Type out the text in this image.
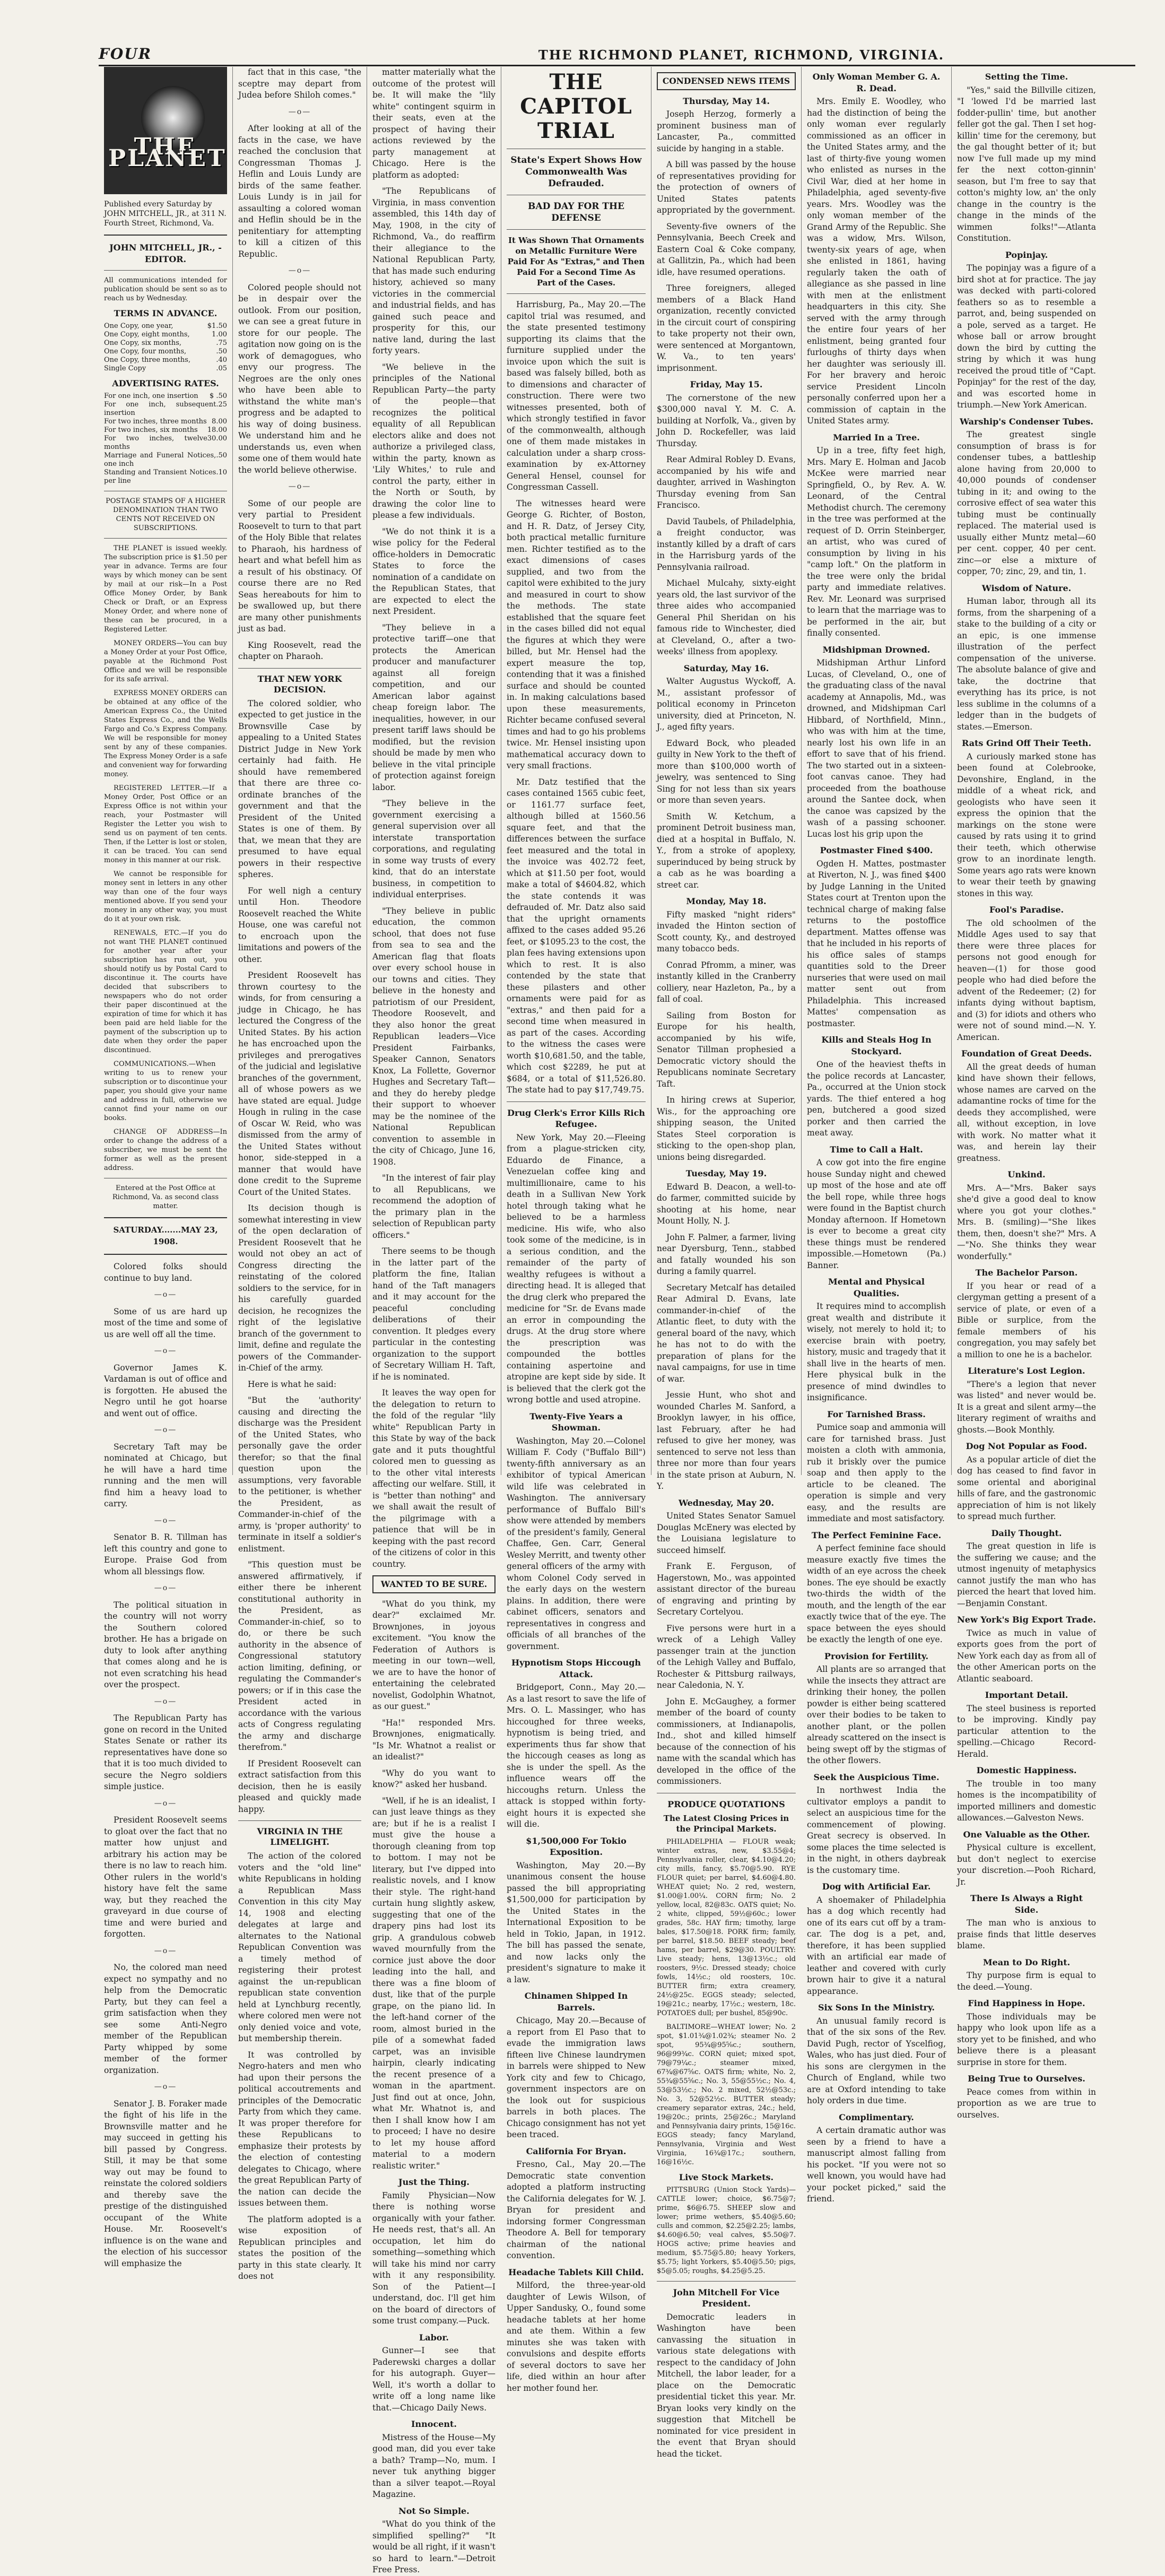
FOUR	THE RICHMOND PLANET, RICHMOND, VIRGINIA.
THE PLANET
Published every Saturday by JOHN MITCHELL, JR., at 311 N. Fourth Street, Richmond, Va.
JOHN MITCHELL, JR., - EDITOR.
All communications intended for publication should be sent so as to reach us by Wednesday.
TERMS IN ADVANCE.
One Copy, one year,	$1.50
One Copy, eight months,	1.00
One Copy, six months,	.75
One Copy, four months,	.50
One Copy, three months,	.40
Single Copy	.05
ADVERTISING RATES.
For one inch, one insertion $ .50
For one inch, subsequent insertion
.25
For two inches, three months 8.00
For two inches, six months 18.00
For two inches, twelve months
30.00
Marriage and Funeral Notices, one inch
.50
Standing and Transient Notices per line
.10
POSTAGE STAMPS OF A HIGHER DENOMINATION THAN TWO CENTS NOT RECEIVED ON SUBSCRIPTIONS.

THE PLANET is issued weekly. The subscription price is $1.50 per year in advance. Terms are four ways by which money can be sent by mail at our risk—In a Post Office Money Order, by Bank Check or Draft, or an Express Money Order, and where none of these can be procured, in a Registered Letter.

MONEY ORDERS—You can buy a Money Order at your Post Office, payable at the Richmond Post Office and we will be responsible for its safe arrival.

EXPRESS MONEY ORDERS can be obtained at any office of the American Express Co., the United States Express Co., and the Wells Fargo and Co.'s Express Company. We will be responsible for money sent by any of these companies. The Express Money Order is a safe and convenient way for forwarding money.

REGISTERED LETTER.—If a Money Order, Post Office or an Express Office is not within your reach, your Postmaster will Register the Letter you wish to send us on payment of ten cents. Then, if the Letter is lost or stolen, it can be traced. You can send money in this manner at our risk.

We cannot be responsible for money sent in letters in any other way than one of the four ways mentioned above. If you send your money in any other way, you must do it at your own risk.

RENEWALS, ETC.—If you do not want THE PLANET continued for another year after your subscription has run out, you should notify us by Postal Card to discontinue it. The courts have decided that subscribers to newspapers who do not order their paper discontinued at the expiration of time for which it has been paid are held liable for the payment of the subscription up to date when they order the paper discontinued.

COMMUNICATIONS.—When writing to us to renew your subscription or to discontinue your paper, you should give your name and address in full, otherwise we cannot find your name on our books.

CHANGE OF ADDRESS—In order to change the address of a subscriber, we must be sent the former as well as the present address.

Entered at the Post Office at Richmond, Va. as second class matter.
SATURDAY.......MAY 23, 1908.

Colored folks should continue to buy land.

—o—

Some of us are hard up most of the time and some of us are well off all the time.

—o—

Governor James K. Vardaman is out of office and is forgotten. He abused the Negro until he got hoarse and went out of office.

—o—

Secretary Taft may be nominated at Chicago, but he will have a hard time running and the men will find him a heavy load to carry.

—o—

Senator B. R. Tillman has left this country and gone to Europe. Praise God from whom all blessings flow.

—o—

The political situation in the country will not worry the Southern colored brother. He has a brigade on duty to look after anything that comes along and he is not even scratching his head over the prospect.

—o—

The Republican Party has gone on record in the United States Senate or rather its representatives have done so that it is too much divided to secure the Negro soldiers simple justice.

—o—

President Roosevelt seems to gloat over the fact that no matter how unjust and arbitrary his action may be there is no law to reach him. Other rulers in the world's history have felt the same way, but they reached the graveyard in due course of time and were buried and forgotten.

—o—

No, the colored man need expect no sympathy and no help from the Democratic Party, but they can feel a grim satisfaction when they see some Anti-Negro member of the Republican Party whipped by some member of the former organization.

—o—

Senator J. B. Foraker made the fight of his life in the Brownsville matter and he may succeed in getting his bill passed by Congress. Still, it may be that some way out may be found to reinstate the colored soldiers and thereby save the prestige of the distinguished occupant of the White House. Mr. Roosevelt's influence is on the wane and the election of his successor will emphasize the

fact that in this case, "the sceptre may depart from Judea before Shiloh comes."

—o—

After looking at all of the facts in the case, we have reached the conclusion that Congressman Thomas J. Heflin and Louis Lundy are birds of the same feather. Louis Lundy is in jail for assaulting a colored woman and Heflin should be in the penitentiary for attempting to kill a citizen of this Republic.

—o—

Colored people should not be in despair over the outlook. From our position, we can see a great future in store for our people. The agitation now going on is the work of demagogues, who envy our progress. The Negroes are the only ones who have been able to withstand the white man's progress and be adapted to his way of doing business. We understand him and he understands us, even when some one of them would hate the world believe otherwise.

—o—

Some of our people are very partial to President Roosevelt to turn to that part of the Holy Bible that relates to Pharaoh, his hardness of heart and what befell him as a result of his obstinacy. Of course there are no Red Seas hereabouts for him to be swallowed up, but there are many other punishments just as bad.

King Roosevelt, read the chapter on Pharaoh.

THAT NEW YORK DECISION.

The colored soldier, who expected to get justice in the Brownsville Case by appealing to a United States District Judge in New York certainly had faith. He should have remembered that there are three co-ordinate branches of the government and that the President of the United States is one of them. By that, we mean that they are presumed to have equal powers in their respective spheres.

For well nigh a century until Hon. Theodore Roosevelt reached the White House, one was careful not to encroach upon the limitations and powers of the other.

President Roosevelt has thrown courtesy to the winds, for from censuring a judge in Chicago, he has lectured the Congress of the United States. By his action he has encroached upon the privileges and prerogatives of the judicial and legislative branches of the government, all of whose powers as we have stated are equal. Judge Hough in ruling in the case of Oscar W. Reid, who was dismissed from the army of the United States without honor, side-stepped in a manner that would have done credit to the Supreme Court of the United States.

Its decision though is somewhat interesting in view of the open declaration of President Roosevelt that he would not obey an act of Congress directing the reinstating of the colored soldiers to the service, for in his carefully guarded decision, he recognizes the right of the legislative branch of the government to limit, define and regulate the powers of the Commander-in-Chief of the army.

Here is what he said:

"But the 'authority' causing and directing the discharge was the President of the United States, who personally gave the order therefor; so that the final question upon the assumptions, very favorable to the petitioner, is whether the President, as Commander-in-chief of the army, is 'proper authority' to terminate in itself a soldier's enlistment.

"This question must be answered affirmatively, if either there be inherent constitutional authority in the President, as Commander-in-chief, so to do, or there be such authority in the absence of Congressional statutory action limiting, defining, or regulating the Commander's powers; or if in this case the President acted in accordance with the various acts of Congress regulating the army and discharge therefrom."

If President Roosevelt can extract satisfaction from this decision, then he is easily pleased and quickly made happy.

VIRGINIA IN THE LIMELIGHT.

The action of the colored voters and the "old line" white Republicans in holding a Republican Mass Convention in this city May 14, 1908 and electing delegates at large and alternates to the National Republican Convention was a timely method of registering their protest against the un-republican republican state convention held at Lynchburg recently, where colored men were not only denied voice and vote, but membership therein.

It was controlled by Negro-haters and men who had upon their persons the political accoutrements and principles of the Democratic Party from which they came. It was proper therefore for these Republicans to emphasize their protests by the election of contesting delegates to Chicago, where the great Republican Party of the nation can decide the issues between them.

The platform adopted is a wise exposition of Republican principles and states the position of the party in this state clearly. It does not

matter materially what the outcome of the protest will be. It will make the "lily white" contingent squirm in their seats, even at the prospect of having their actions reviewed by the party management at Chicago. Here is the platform as adopted:

"The Republicans of Virginia, in mass convention assembled, this 14th day of May, 1908, in the city of Richmond, Va., do reaffirm their allegiance to the National Republican Party, that has made such enduring history, achieved so many victories in the commercial and industrial fields, and has gained such peace and prosperity for this, our native land, during the last forty years.

"We believe in the principles of the National Republican Party—the party of the people—that recognizes the political equality of all Republican electors alike and does not authorize a privileged class, within the party, known as 'Lily Whites,' to rule and control the party, either in the North or South, by drawing the color line to please a few individuals.

"We do not think it is a wise policy for the Federal office-holders in Democratic States to force the nomination of a candidate on the Republican States, that are expected to elect the next President.

"They believe in a protective tariff—one that protects the American producer and manufacturer against all foreign competition, and our American labor against cheap foreign labor. The inequalities, however, in our present tariff laws should be modified, but the revision should be made by men who believe in the vital principle of protection against foreign labor.

"They believe in the government exercising a general supervision over all interstate transportation corporations, and regulating in some way trusts of every kind, that do an interstate business, in competition to individual enterprises.

"They believe in public education, the common school, that does not fuse from sea to sea and the American flag that floats over every school house in our towns and cities. They believe in the honesty and patriotism of our President, Theodore Roosevelt, and they also honor the great Republican leaders—Vice President Fairbanks, Speaker Cannon, Senators Knox, La Follette, Governor Hughes and Secretary Taft—and they do hereby pledge their support to whoever may be the nominee of the National Republican convention to assemble in the city of Chicago, June 16, 1908.

"In the interest of fair play to all Republicans, we recommend the adoption of the primary plan in the selection of Republican party officers."

There seems to be though in the latter part of the platform the fine, Italian hand of the Taft managers and it may account for the peaceful concluding deliberations of their convention. It pledges every particular in the contesting organization to the support of Secretary William H. Taft, if he is nominated.

It leaves the way open for the delegation to return to the fold of the regular "lily white" Republican Party in this State by way of the back gate and it puts thoughtful colored men to guessing as to the other vital interests affecting our welfare. Still, it is "better than nothing" and we shall await the result of the pilgrimage with a patience that will be in keeping with the past record of the citizens of color in this country.

WANTED TO BE SURE.

"What do you think, my dear?" exclaimed Mr. Brownjones, in joyous excitement. "You know the Federation of Authors is meeting in our town—well, we are to have the honor of entertaining the celebrated novelist, Godolphin Whatnot, as our guest."

"Ha!" responded Mrs. Brownjones, enigmatically. "Is Mr. Whatnot a realist or an idealist?"

"Why do you want to know?" asked her husband.

"Well, if he is an idealist, I can just leave things as they are; but if he is a realist I must give the house a thorough cleaning from top to bottom. I may not be literary, but I've dipped into realistic novels, and I know their style. The right-hand curtain hung slightly askew, suggesting that one of the drapery pins had lost its grip. A grandulous cobweb waved mournfully from the cornice just above the door leading into the hall, and there was a fine bloom of dust, like that of the purple grape, on the piano lid. In the left-hand corner of the room, almost buried in the pile of a somewhat faded carpet, was an invisible hairpin, clearly indicating the recent presence of a woman in the apartment. Just find out at once, John, what Mr. Whatnot is, and then I shall know how I am to proceed; I have no desire to let my house afford material to a modern realistic writer."

Just the Thing.

Family Physician—Now there is nothing worse organically with your father. He needs rest, that's all. An occupation, let him do something—something which will take his mind nor carry with it any responsibility. Son of the Patient—I understand, doc. I'll get him on the board of directors of some trust company.—Puck.

Labor.

Gunner—I see that Paderewski charges a dollar for his autograph. Guyer—Well, it's worth a dollar to write off a long name like that.—Chicago Daily News.

Innocent.

Mistress of the House—My good man, did you ever take a bath? Tramp—No, mum. I never tuk anything bigger than a silver teapot.—Royal Magazine.

Not So Simple.

"What do you think of the simplified spelling?" "It would be all right, if it wasn't so hard to learn."—Detroit Free Press.

THE CAPITOL TRIAL
State's Expert Shows How Commonwealth Was Defrauded.
BAD DAY FOR THE DEFENSE
It Was Shown That Ornaments on Metallic Furniture Were Paid For As "Extras," and Then Paid For a Second Time As Part of the Cases.

Harrisburg, Pa., May 20.—The capitol trial was resumed, and the state presented testimony supporting its claims that the furniture supplied under the invoice upon which the suit is based was falsely billed, both as to dimensions and character of construction. There were two witnesses presented, both of which strongly testified in favor of the commonwealth, although one of them made mistakes in calculation under a sharp cross-examination by ex-Attorney General Hensel, counsel for Congressman Cassell.

The witnesses heard were George G. Richter, of Boston, and H. R. Datz, of Jersey City, both practical metallic furniture men. Richter testified as to the exact dimensions of cases supplied, and two from the capitol were exhibited to the jury and measured in court to show the methods. The state established that the square feet in the cases billed did not equal the figures at which they were billed, but Mr. Hensel had the expert measure the top, contending that it was a finished surface and should be counted in. In making calculations based upon these measurements, Richter became confused several times and had to go his problems twice. Mr. Hensel insisting upon mathematical accuracy down to very small fractions.

Mr. Datz testified that the cases contained 1565 cubic feet, or 1161.77 surface feet, although billed at 1560.56 square feet, and that the differences between the surface feet measured and the total in the invoice was 402.72 feet, which at $11.50 per foot, would make a total of $4604.82, which the state contends it was defrauded of. Mr. Datz also said that the upright ornaments affixed to the cases added 95.26 feet, or $1095.23 to the cost, the plan fees having extensions upon which to rest. It is also contended by the state that these pilasters and other ornaments were paid for as "extras," and then paid for a second time when measured in as part of the cases. According to the witness the cases were worth $10,681.50, and the table, which cost $2289, he put at $684, or a total of $11,526.80. The state had to pay $17,749.75.

Drug Clerk's Error Kills Rich Refugee.

New York, May 20.—Fleeing from a plague-stricken city, Eduardo de Finance, a Venezuelan coffee king and multimillionaire, came to his death in a Sullivan New York hotel through taking what he believed to be a harmless medicine. His wife, who also took some of the medicine, is in a serious condition, and the remainder of the party of wealthy refugees is without a directing head. It is alleged that the drug clerk who prepared the medicine for "Sr. de Evans made an error in compounding the drugs. At the drug store where the prescription was compounded the bottles containing aspertoine and atropine are kept side by side. It is believed that the clerk got the wrong bottle and used atropine.

Twenty-Five Years a Showman.

Washington, May 20.—Colonel William F. Cody ("Buffalo Bill") twenty-fifth anniversary as an exhibitor of typical American wild life was celebrated in Washington. The anniversary performance of Buffalo Bill's show were attended by members of the president's family, General Chaffee, Gen. Carr, General Wesley Merritt, and twenty other general officers of the army with whom Colonel Cody served in the early days on the western plains. In addition, there were cabinet officers, senators and representatives in congress and officials of all branches of the government.

Hypnotism Stops Hiccough Attack.

Bridgeport, Conn., May 20.—As a last resort to save the life of Mrs. O. L. Massinger, who has hiccoughed for three weeks, hypnotism is being tried, and experiments thus far show that the hiccough ceases as long as she is under the spell. As the influence wears off the hiccoughs return. Unless the attack is stopped within forty-eight hours it is expected she will die.

$1,500,000 For Tokio Exposition.

Washington, May 20.—By unanimous consent the house passed the bill appropriating $1,500,000 for participation by the United States in the International Exposition to be held in Tokio, Japan, in 1912. The bill has passed the senate, and now lacks only the president's signature to make it a law.

Chinamen Shipped In Barrels.

Chicago, May 20.—Because of a report from El Paso that to evade the immigration laws fifteen live Chinese laundrymen in barrels were shipped to New York city and few to Chicago, government inspectors are on the look out for suspicious barrels in both places. The Chicago consignment has not yet been traced.

California For Bryan.

Fresno, Cal., May 20.—The Democratic state convention adopted a platform instructing the California delegates for W. J. Bryan for president and indorsing former Congressman Theodore A. Bell for temporary chairman of the national convention.

Headache Tablets Kill Child.

Milford, the three-year-old daughter of Lewis Wilson, of Upper Sandusky, O., found some headache tablets at her home and ate them. Within a few minutes she was taken with convulsions and despite efforts of several doctors to save her life, died within an hour after her mother found her.

CONDENSED NEWS ITEMS
Thursday, May 14.

Joseph Herzog, formerly a prominent business man of Lancaster, Pa., committed suicide by hanging in a stable.

A bill was passed by the house of representatives providing for the protection of owners of United States patents appropriated by the government.

Seventy-five owners of the Pennsylvania, Beech Creek and Eastern Coal & Coke company, at Gallitzin, Pa., which had been idle, have resumed operations.

Three foreigners, alleged members of a Black Hand organization, recently convicted in the circuit court of conspiring to take property not their own, were sentenced at Morgantown, W. Va., to ten years' imprisonment.

Friday, May 15.

The cornerstone of the new $300,000 naval Y. M. C. A. building at Norfolk, Va., given by John D. Rockefeller, was laid Thursday.

Rear Admiral Robley D. Evans, accompanied by his wife and daughter, arrived in Washington Thursday evening from San Francisco.

David Taubels, of Philadelphia, a freight conductor, was instantly killed by a draft of cars in the Harrisburg yards of the Pennsylvania railroad.

Michael Mulcahy, sixty-eight years old, the last survivor of the three aides who accompanied General Phil Sheridan on his famous ride to Winchester, died at Cleveland, O., after a two-weeks' illness from apoplexy.

Saturday, May 16.

Walter Augustus Wyckoff, A. M., assistant professor of political economy in Princeton university, died at Princeton, N. J., aged fifty years.

Edward Bock, who pleaded guilty in New York to the theft of more than $100,000 worth of jewelry, was sentenced to Sing Sing for not less than six years or more than seven years.

Smith W. Ketchum, a prominent Detroit business man, died at a hospital in Buffalo, N. Y., from a stroke of apoplexy, superinduced by being struck by a cab as he was boarding a street car.

Monday, May 18.

Fifty masked "night riders" invaded the Hinton section of Scott county, Ky., and destroyed many tobacco beds.

Conrad Pfromm, a miner, was instantly killed in the Cranberry colliery, near Hazleton, Pa., by a fall of coal.

Sailing from Boston for Europe for his health, accompanied by his wife, Senator Tillman prophesied a Democratic victory should the Republicans nominate Secretary Taft.

In hiring crews at Superior, Wis., for the approaching ore shipping season, the United States Steel corporation is sticking to the open-shop plan, unions being disregarded.

Tuesday, May 19.

Edward B. Deacon, a well-to-do farmer, committed suicide by shooting at his home, near Mount Holly, N. J.

John F. Palmer, a farmer, living near Dyersburg, Tenn., stabbed and fatally wounded his son during a family quarrel.

Secretary Metcalf has detailed Rear Admiral D. Evans, late commander-in-chief of the Atlantic fleet, to duty with the general board of the navy, which he has not to do with the preparation of plans for the naval campaigns, for use in time of war.

Jessie Hunt, who shot and wounded Charles M. Sanford, a Brooklyn lawyer, in his office, last February, after he had refused to give her money, was sentenced to serve not less than three nor more than four years in the state prison at Auburn, N. Y.

Wednesday, May 20.

United States Senator Samuel Douglas McEnery was elected by the Louisiana legislature to succeed himself.

Frank E. Ferguson, of Hagerstown, Mo., was appointed assistant director of the bureau of engraving and printing by Secretary Cortelyou.

Five persons were hurt in a wreck of a Lehigh Valley passenger train at the junction of the Lehigh Valley and Buffalo, Rochester & Pittsburg railways, near Caledonia, N. Y.

John E. McGaughey, a former member of the board of county commissioners, at Indianapolis, Ind., shot and killed himself because of the connection of his name with the scandal which has developed in the office of the commissioners.

PRODUCE QUOTATIONS
The Latest Closing Prices in the Principal Markets.

PHILADELPHIA — FLOUR weak; winter extras, new, $3.55@4; Pennsylvania roller, clear, $4.10@4.20; city mills, fancy, $5.70@5.90. RYE FLOUR quiet; per barrel, $4.60@4.80. WHEAT quiet; No. 2 red, western, $1.00@1.00¼. CORN firm; No. 2 yellow, local, 82@83c. OATS quiet; No. 2 white, clipped, 59½@60c.; lower grades, 58c. HAY firm; timothy, large bales, $17.50@18. PORK firm; family, per barrel, $18.50. BEEF steady; beef hams, per barrel, $29@30. POULTRY: Live steady; hens, 13@13½c.; old roosters, 9½c. Dressed steady; choice fowls, 14½c.; old roosters, 10c. BUTTER firm; extra creamery, 24½@25c. EGGS steady; selected, 19@21c.; nearby, 17½c.; western, 18c. POTATOES dull; per bushel, 85@90c.

BALTIMORE—WHEAT lower; No. 2 spot, $1.01¾@1.02¾; steamer No. 2 spot, 95¾@95⅝c.; southern, 96@99¾c. CORN quiet; mixed spot, 79@79¼c.; steamer mixed, 67¾@67⅝c. OATS firm; white, No. 2, 55¾@55⅝c.; No. 3, 55@55½c.; No. 4, 53@53½c.; No. 2 mixed, 52½@53c.; No. 3, 52@52½c. BUTTER steady; creamery separator extras, 24c.; held, 19@20c.; prints, 25@26c.; Maryland and Pennsylvania dairy prints, 15@16c. EGGS steady; fancy Maryland, Pennsylvania, Virginia and West Virginia, 16¾@17c.; southern, 16@16½c.

Live Stock Markets.

PITTSBURG (Union Stock Yards)— CATTLE lower; choice, $6.75@7; prime, $6@6.75. SHEEP slow and lower; prime wethers, $5.40@5.60; culls and common, $2.25@2.25; lambs, $4.60@6.50; veal calves, $5.50@7. HOGS active; prime heavies and medium, $5.75@5.80; heavy Yorkers, $5.75; light Yorkers, $5.40@5.50; pigs, $5@5.05; roughs, $4.25@5.25.

John Mitchell For Vice President.

Democratic leaders in Washington have been canvassing the situation in various state delegations with respect to the candidacy of John Mitchell, the labor leader, for a place on the Democratic presidential ticket this year. Mr. Bryan looks very kindly on the suggestion that Mitchell be nominated for vice president in the event that Bryan should head the ticket.

Only Woman Member G. A. R. Dead.

Mrs. Emily E. Woodley, who had the distinction of being the only woman ever regularly commissioned as an officer in the United States army, and the last of thirty-five young women who enlisted as nurses in the Civil War, died at her home in Philadelphia, aged seventy-five years. Mrs. Woodley was the only woman member of the Grand Army of the Republic. She was a widow, Mrs. Wilson, twenty-six years of age, when she enlisted in 1861, having regularly taken the oath of allegiance as she passed in line with men at the enlistment headquarters in this city. She served with the army through the entire four years of her enlistment, being granted four furloughs of thirty days when her daughter was seriously ill. For her bravery and heroic service President Lincoln personally conferred upon her a commission of captain in the United States army.

Married In a Tree.

Up in a tree, fifty feet high, Mrs. Mary E. Holman and Jacob McKee were married near Springfield, O., by Rev. A. W. Leonard, of the Central Methodist church. The ceremony in the tree was performed at the request of D. Orrin Steinberger, an artist, who was cured of consumption by living in his "camp loft." On the platform in the tree were only the bridal party and immediate relatives. Rev. Mr. Leonard was surprised to learn that the marriage was to be performed in the air, but finally consented.

Midshipman Drowned.

Midshipman Arthur Linford Lucas, of Cleveland, O., one of the graduating class of the naval academy at Annapolis, Md., was drowned, and Midshipman Carl Hibbard, of Northfield, Minn., who was with him at the time, nearly lost his own life in an effort to save that of his friend. The two started out in a sixteen-foot canvas canoe. They had proceeded from the boathouse around the Santee dock, when the canoe was capsized by the wash of a passing schooner. Lucas lost his grip upon the

Postmaster Fined $400.

Ogden H. Mattes, postmaster at Riverton, N. J., was fined $400 by Judge Lanning in the United States court at Trenton upon the technical charge of making false returns to the postoffice department. Mattes offense was that he included in his reports of his office sales of stamps quantities sold to the Dreer nurseries that were used on mail matter sent out from Philadelphia. This increased Mattes' compensation as postmaster.

Kills and Steals Hog In Stockyard.

One of the heaviest thefts in the police records at Lancaster, Pa., occurred at the Union stock yards. The thief entered a hog pen, butchered a good sized porker and then carried the meat away.

Time to Call a Halt.

A cow got into the fire engine house Sunday night and chewed up most of the hose and ate off the bell rope, while three hogs were found in the Baptist church Monday afternoon. If Hometown is ever to become a great city these things must be rendered impossible.—Hometown (Pa.) Banner.

Mental and Physical Qualities.

It requires mind to accomplish great wealth and distribute it wisely, not merely to hold it; to exercise brain with poetry, history, music and tragedy that it shall live in the hearts of men. Here physical bulk in the presence of mind dwindles to insignificance.

For Tarnished Brass.

Pumice soap and ammonia will care for tarnished brass. Just moisten a cloth with ammonia, rub it briskly over the pumice soap and then apply to the article to be cleaned. The operation is simple and very easy, and the results are immediate and most satisfactory.

The Perfect Feminine Face.

A perfect feminine face should measure exactly five times the width of an eye across the cheek bones. The eye should be exactly two-thirds the width of the mouth, and the length of the ear exactly twice that of the eye. The space between the eyes should be exactly the length of one eye.

Provision for Fertility.

All plants are so arranged that while the insects they attract are drinking their honey, the pollen powder is either being scattered over their bodies to be taken to another plant, or the pollen already scattered on the insect is being swept off by the stigmas of the other flowers.

Seek the Auspicious Time.

In northwest India the cultivator employs a pandit to select an auspicious time for the commencement of plowing. Great secrecy is observed. In some places the time selected is in the night, in others daybreak is the customary time.

Dog with Artificial Ear.

A shoemaker of Philadelphia has a dog which recently had one of its ears cut off by a tram-car. The dog is a pet, and, therefore, it has been supplied with an artificial ear made of leather and covered with curly brown hair to give it a natural appearance.

Six Sons In the Ministry.

An unusual family record is that of the six sons of the Rev. David Pugh, rector of Yscelfiog, Wales, who has just died. Four of his sons are clergymen in the Church of England, while two are at Oxford intending to take holy orders in due time.

Complimentary.

A certain dramatic author was seen by a friend to have a manuscript almost falling from his pocket. "If you were not so well known, you would have had your pocket picked," said the friend.

Setting the Time.

"Yes," said the Billville citizen, "I 'lowed I'd be married last fodder-pullin' time, but another feller got the gal. Then I set hog-killin' time for the ceremony, but the gal thought better of it; but now I've full made up my mind fer the next cotton-ginnin' season, but I'm free to say that cotton's mighty low, an' the only change in the country is the change in the minds of the wimmen folks!"—Atlanta Constitution.

Popinjay.

The popinjay was a figure of a bird shot at for practice. The jay was decked with parti-colored feathers so as to resemble a parrot, and, being suspended on a pole, served as a target. He whose ball or arrow brought down the bird by cutting the string by which it was hung received the proud title of "Capt. Popinjay" for the rest of the day, and was escorted home in triumph.—New York American.

Warship's Condenser Tubes.

The greatest single consumption of brass is for condenser tubes, a battleship alone having from 20,000 to 40,000 pounds of condenser tubing in it; and owing to the corrosive effect of sea water this tubing must be continually replaced. The material used is usually either Muntz metal—60 per cent. copper, 40 per cent. zinc—or else a mixture of copper, 70; zinc, 29, and tin, 1.

Wisdom of Nature.

Human labor, through all its forms, from the sharpening of a stake to the building of a city or an epic, is one immense illustration of the perfect compensation of the universe. The absolute balance of give and take, the doctrine that everything has its price, is not less sublime in the columns of a ledger than in the budgets of states.—Emerson.

Rats Grind Off Their Teeth.

A curiously marked stone has been found at Colebrooke, Devonshire, England, in the middle of a wheat rick, and geologists who have seen it express the opinion that the markings on the stone were caused by rats using it to grind their teeth, which otherwise grow to an inordinate length. Some years ago rats were known to wear their teeth by gnawing stones in this way.

Fool's Paradise.

The old schoolmen of the Middle Ages used to say that there were three places for persons not good enough for heaven—(1) for those good people who had died before the advent of the Redeemer; (2) for infants dying without baptism, and (3) for idiots and others who were not of sound mind.—N. Y. American.

Foundation of Great Deeds.

All the great deeds of human kind have shown their fellows, whose names are carved on the adamantine rocks of time for the deeds they accomplished, were all, without exception, in love with work. No matter what it was, and herein lay their greatness.

Unkind.

Mrs. A—"Mrs. Baker says she'd give a good deal to know where you got your clothes." Mrs. B. (smiling)—"She likes them, then, doesn't she?" Mrs. A—"No. She thinks they wear wonderfully."

The Bachelor Parson.

If you hear or read of a clergyman getting a present of a service of plate, or even of a Bible or surplice, from the female members of his congregation, you may safely bet a million to one he is a bachelor.

Literature's Lost Legion.

"There's a legion that never was listed" and never would be. It is a great and silent army—the literary regiment of wraiths and ghosts.—Book Monthly.

Dog Not Popular as Food.

As a popular article of diet the dog has ceased to find favor in some oriental and aboriginal hills of fare, and the gastronomic appreciation of him is not likely to spread much further.

Daily Thought.

The great question in life is the suffering we cause; and the utmost ingenuity of metaphysics cannot justify the man who has pierced the heart that loved him.—Benjamin Constant.

New York's Big Export Trade.

Twice as much in value of exports goes from the port of New York each day as from all of the other American ports on the Atlantic seaboard.

Important Detail.

The steel business is reported to be improving. Kindly pay particular attention to the spelling.—Chicago Record-Herald.

Domestic Happiness.

The trouble in too many homes is the incompatibility of imported milliners and domestic allowances.—Galveston News.

One Valuable as the Other.

Physical culture is excellent, but don't neglect to exercise your discretion.—Pooh Richard, Jr.

There Is Always a Right Side.

The man who is anxious to praise finds that little deserves blame.

Mean to Do Right.

Thy purpose firm is equal to the deed.—Young.

Find Happiness in Hope.

Those individuals may be happy who look upon life as a story yet to be finished, and who believe there is a pleasant surprise in store for them.

Being True to Ourselves.

Peace comes from within in proportion as we are true to ourselves.
